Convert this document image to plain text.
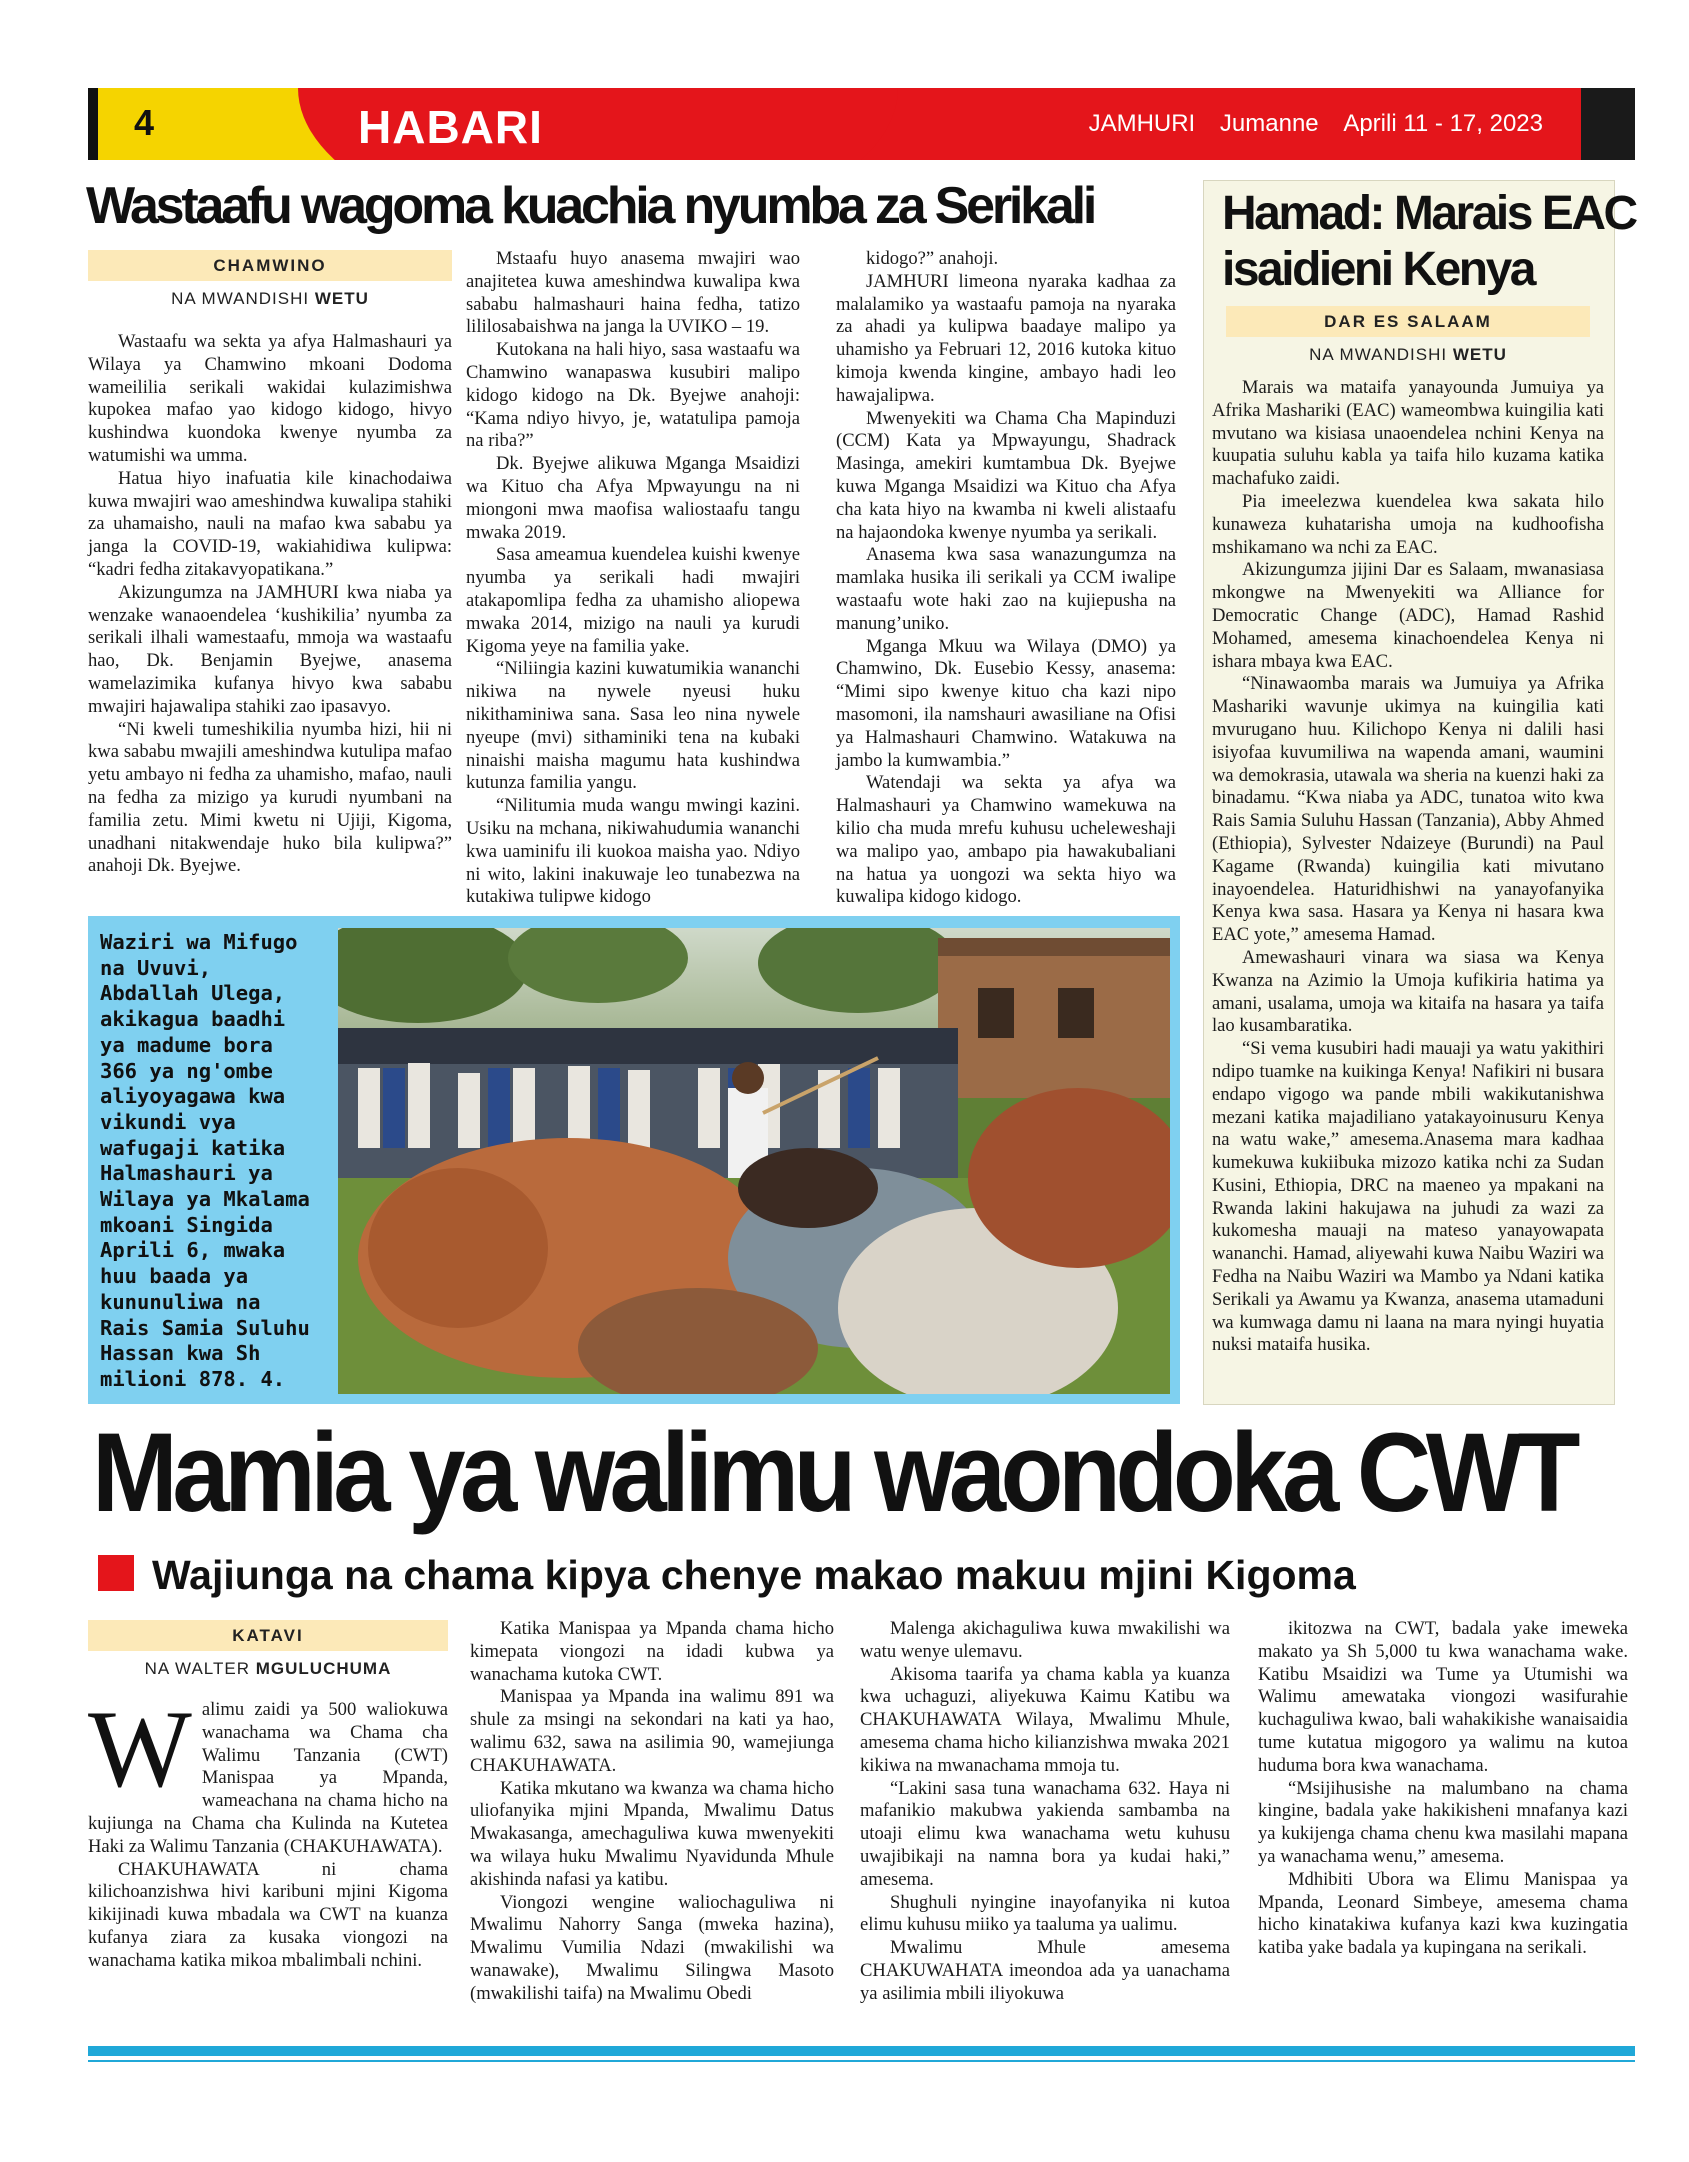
4	HABARI	JAMHURI Jumanne Aprili 11 - 17, 2023
Wastaafu wagoma kuachia nyumba za Serikali
CHAMWINO
NA MWANDISHI WETU

Wastaafu wa sekta ya afya Halmashauri ya Wilaya ya Chamwino mkoani Dodoma wameililia serikali wakidai kulazimishwa kupokea mafao yao kidogo kidogo, hivyo kushindwa kuondoka kwenye nyumba za watumishi wa umma.

Hatua hiyo inafuatia kile kinachodaiwa kuwa mwajiri wao ameshindwa kuwalipa stahiki za uhamaisho, nauli na mafao kwa sababu ya janga la COVID-19, wakiahidiwa kulipwa: “kadri fedha zitakavyopatikana.”

Akizungumza na JAMHURI kwa niaba ya wenzake wanaoendelea ‘kushikilia’ nyumba za serikali ilhali wamestaafu, mmoja wa wastaafu hao, Dk. Benjamin Byejwe, anasema wamelazimika kufanya hivyo kwa sababu mwajiri hajawalipa stahiki zao ipasavyo.

“Ni kweli tumeshikilia nyumba hizi, hii ni kwa sababu mwajili ameshindwa kutulipa mafao yetu ambayo ni fedha za uhamisho, mafao, nauli na fedha za mizigo ya kurudi nyumbani na familia zetu. Mimi kwetu ni Ujiji, Kigoma, unadhani nitakwendaje huko bila kulipwa?” anahoji Dk. Byejwe.

Mstaafu huyo anasema mwajiri wao anajitetea kuwa ameshindwa kuwalipa kwa sababu halmashauri haina fedha, tatizo lililosabaishwa na janga la UVIKO – 19.

Kutokana na hali hiyo, sasa wastaafu wa Chamwino wanapaswa kusubiri malipo kidogo kidogo na Dk. Byejwe anahoji: “Kama ndiyo hivyo, je, watatulipa pamoja na riba?”

Dk. Byejwe alikuwa Mganga Msaidizi wa Kituo cha Afya Mpwayungu na ni miongoni mwa maofisa waliostaafu tangu mwaka 2019.

Sasa ameamua kuendelea kuishi kwenye nyumba ya serikali hadi mwajiri atakapomlipa fedha za uhamisho aliopewa mwaka 2014, mizigo na nauli ya kurudi Kigoma yeye na familia yake.

“Niliingia kazini kuwatumikia wananchi nikiwa na nywele nyeusi huku nikithaminiwa sana. Sasa leo nina nywele nyeupe (mvi) sithaminiki tena na kubaki ninaishi maisha magumu hata kushindwa kutunza familia yangu.

“Nilitumia muda wangu mwingi kazini. Usiku na mchana, nikiwahudumia wananchi kwa uaminifu ili kuokoa maisha yao. Ndiyo ni wito, lakini inakuwaje leo tunabezwa na kutakiwa tulipwe kidogo

kidogo?” anahoji.

JAMHURI limeona nyaraka kadhaa za malalamiko ya wastaafu pamoja na nyaraka za ahadi ya kulipwa baadaye malipo ya uhamisho ya Februari 12, 2016 kutoka kituo kimoja kwenda kingine, ambayo hadi leo hawajalipwa.

Mwenyekiti wa Chama Cha Mapinduzi (CCM) Kata ya Mpwayungu, Shadrack Masinga, amekiri kumtambua Dk. Byejwe kuwa Mganga Msaidizi wa Kituo cha Afya cha kata hiyo na kwamba ni kweli alistaafu na hajaondoka kwenye nyumba ya serikali.

Anasema kwa sasa wanazungumza na mamlaka husika ili serikali ya CCM iwalipe wastaafu wote haki zao na kujiepusha na manung’uniko.

Mganga Mkuu wa Wilaya (DMO) ya Chamwino, Dk. Eusebio Kessy, anasema: “Mimi sipo kwenye kituo cha kazi nipo masomoni, ila namshauri awasiliane na Ofisi ya Halmashauri Chamwino. Watakuwa na jambo la kumwambia.”

Watendaji wa sekta ya afya wa Halmashauri ya Chamwino wamekuwa na kilio cha muda mrefu kuhusu ucheleweshaji wa malipo yao, ambapo pia hawakubaliani na hatua ya uongozi wa sekta hiyo wa kuwalipa kidogo kidogo.

Hamad: Marais EAC
isaidieni Kenya
DAR ES SALAAM
NA MWANDISHI WETU

Marais wa mataifa yanayounda Jumuiya ya Afrika Mashariki (EAC) wameombwa kuingilia kati mvutano wa kisiasa unaoendelea nchini Kenya na kuupatia suluhu kabla ya taifa hilo kuzama katika machafuko zaidi.

Pia imeelezwa kuendelea kwa sakata hilo kunaweza kuhatarisha umoja na kudhoofisha mshikamano wa nchi za EAC.

Akizungumza jijini Dar es Salaam, mwanasiasa mkongwe na Mwenyekiti wa Alliance for Democratic Change (ADC), Hamad Rashid Mohamed, amesema kinachoendelea Kenya ni ishara mbaya kwa EAC.

“Ninawaomba marais wa Jumuiya ya Afrika Mashariki wavunje ukimya na kuingilia kati mvurugano huu. Kilichopo Kenya ni dalili hasi isiyofaa kuvumiliwa na wapenda amani, waumini wa demokrasia, utawala wa sheria na kuenzi haki za binadamu. “Kwa niaba ya ADC, tunatoa wito kwa Rais Samia Suluhu Hassan (Tanzania), Abby Ahmed (Ethiopia), Sylvester Ndaizeye (Burundi) na Paul Kagame (Rwanda) kuingilia kati mivutano inayoendelea. Haturidhishwi na yanayofanyika Kenya kwa sasa. Hasara ya Kenya ni hasara kwa EAC yote,” amesema Hamad.

Amewashauri vinara wa siasa wa Kenya Kwanza na Azimio la Umoja kufikiria hatima ya amani, usalama, umoja wa kitaifa na hasara ya taifa lao kusambaratika.

“Si vema kusubiri hadi mauaji ya watu yakithiri ndipo tuamke na kuikinga Kenya! Nafikiri ni busara endapo vigogo wa pande mbili wakikutanishwa mezani katika majadiliano yatakayoinusuru Kenya na watu wake,” amesema.Anasema mara kadhaa kumekuwa kukiibuka mizozo katika nchi za Sudan Kusini, Ethiopia, DRC na maeneo ya mpakani na Rwanda lakini hakujawa na juhudi za wazi za kukomesha mauaji na mateso yanayowapata wananchi. Hamad, aliyewahi kuwa Naibu Waziri wa Fedha na Naibu Waziri wa Mambo ya Ndani katika Serikali ya Awamu ya Kwanza, anasema utamaduni wa kumwaga damu ni laana na mara nyingi huyatia nuksi mataifa husika.

Waziri wa Mifugo na Uvuvi, Abdallah Ulega, akikagua baadhi ya madume bora 366 ya ng'ombe aliyoyagawa kwa vikundi vya wafugaji katika Halmashauri ya Wilaya ya Mkalama mkoani Singida Aprili 6, mwaka huu baada ya kununuliwa na Rais Samia Suluhu Hassan kwa Sh milioni 878. 4.
Mamia ya walimu waondoka CWT
Wajiunga na chama kipya chenye makao makuu mjini Kigoma
KATAVI
NA WALTER MGULUCHUMA
Walimu zaidi ya 500 waliokuwa wanachama wa Chama cha Walimu Tanzania (CWT) Manispaa ya Mpanda, wameachana na chama hicho na kujiunga na Chama cha Kulinda na Kutetea Haki za Walimu Tanzania (CHAKUHAWATA).

CHAKUHAWATA ni chama kilichoanzishwa hivi karibuni mjini Kigoma kikijinadi kuwa mbadala wa CWT na kuanza kufanya ziara za kusaka viongozi na wanachama katika mikoa mbalimbali nchini.

Katika Manispaa ya Mpanda chama hicho kimepata viongozi na idadi kubwa ya wanachama kutoka CWT.

Manispaa ya Mpanda ina walimu 891 wa shule za msingi na sekondari na kati ya hao, walimu 632, sawa na asilimia 90, wamejiunga CHAKUHAWATA.

Katika mkutano wa kwanza wa chama hicho uliofanyika mjini Mpanda, Mwalimu Datus Mwakasanga, amechaguliwa kuwa mwenyekiti wa wilaya huku Mwalimu Nyavidunda Mhule akishinda nafasi ya katibu.

Viongozi wengine waliochaguliwa ni Mwalimu Nahorry Sanga (mweka hazina), Mwalimu Vumilia Ndazi (mwakilishi wa wanawake), Mwalimu Silingwa Masoto (mwakilishi taifa) na Mwalimu Obedi

Malenga akichaguliwa kuwa mwakilishi wa watu wenye ulemavu.

Akisoma taarifa ya chama kabla ya kuanza kwa uchaguzi, aliyekuwa Kaimu Katibu wa CHAKUHAWATA Wilaya, Mwalimu Mhule, amesema chama hicho kilianzishwa mwaka 2021 kikiwa na mwanachama mmoja tu.

“Lakini sasa tuna wanachama 632. Haya ni mafanikio makubwa yakienda sambamba na utoaji elimu kwa wanachama wetu kuhusu uwajibikaji na namna bora ya kudai haki,” amesema.

Shughuli nyingine inayofanyika ni kutoa elimu kuhusu miiko ya taaluma ya ualimu.

Mwalimu Mhule amesema CHAKUWAHATA imeondoa ada ya uanachama ya asilimia mbili iliyokuwa

ikitozwa na CWT, badala yake imeweka makato ya Sh 5,000 tu kwa wanachama wake. Katibu Msaidizi wa Tume ya Utumishi wa Walimu amewataka viongozi wasifurahie kuchaguliwa kwao, bali wahakikishe wanaisaidia tume kutatua migogoro ya walimu na kutoa huduma bora kwa wanachama.

“Msijihusishe na malumbano na chama kingine, badala yake hakikisheni mnafanya kazi ya kukijenga chama chenu kwa masilahi mapana ya wanachama wenu,” amesema.

Mdhibiti Ubora wa Elimu Manispaa ya Mpanda, Leonard Simbeye, amesema chama hicho kinatakiwa kufanya kazi kwa kuzingatia katiba yake badala ya kupingana na serikali.
